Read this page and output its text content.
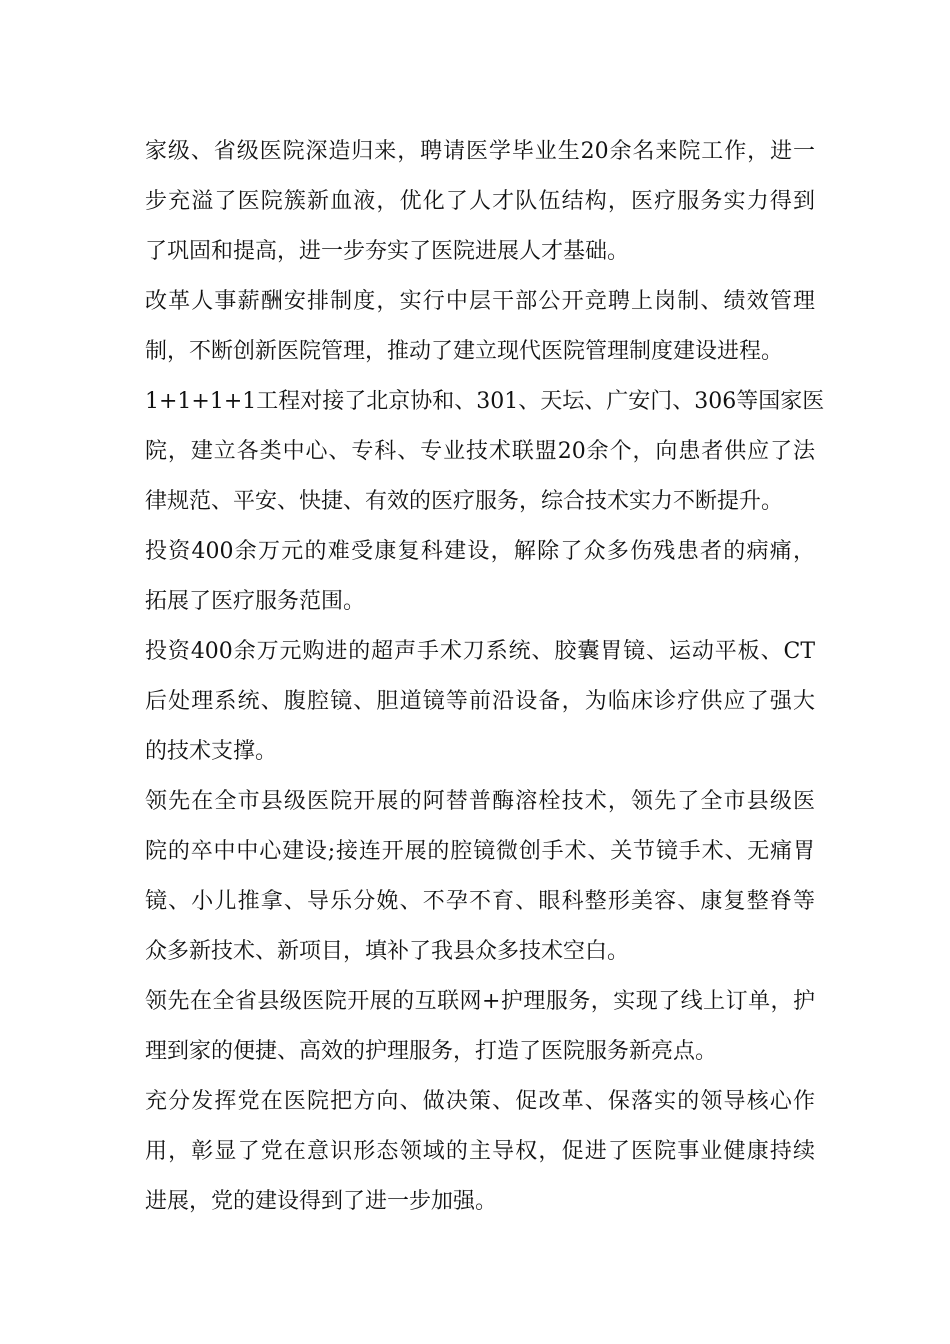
家级、省级医院深造归来，聘请医学毕业生20余名来院工作，进一
步充溢了医院簇新血液，优化了人才队伍结构，医疗服务实力得到
了巩固和提高，进一步夯实了医院进展人才基础。
改革人事薪酬安排制度，实行中层干部公开竞聘上岗制、绩效管理
制，不断创新医院管理，推动了建立现代医院管理制度建设进程。
1+1+1+1工程对接了北京协和、301、天坛、广安门、306等国家医
院，建立各类中心、专科、专业技术联盟20余个，向患者供应了法
律规范、平安、快捷、有效的医疗服务，综合技术实力不断提升。
投资400余万元的难受康复科建设，解除了众多伤残患者的病痛，
拓展了医疗服务范围。
投资400余万元购进的超声手术刀系统、胶囊胃镜、运动平板、CT
后处理系统、腹腔镜、胆道镜等前沿设备，为临床诊疗供应了强大
的技术支撑。
领先在全市县级医院开展的阿替普酶溶栓技术，领先了全市县级医
院的卒中中心建设;接连开展的腔镜微创手术、关节镜手术、无痛胃
镜、小儿推拿、导乐分娩、不孕不育、眼科整形美容、康复整脊等
众多新技术、新项目，填补了我县众多技术空白。
领先在全省县级医院开展的互联网+护理服务，实现了线上订单，护
理到家的便捷、高效的护理服务，打造了医院服务新亮点。
充分发挥党在医院把方向、做决策、促改革、保落实的领导核心作
用，彰显了党在意识形态领域的主导权，促进了医院事业健康持续
进展，党的建设得到了进一步加强。
